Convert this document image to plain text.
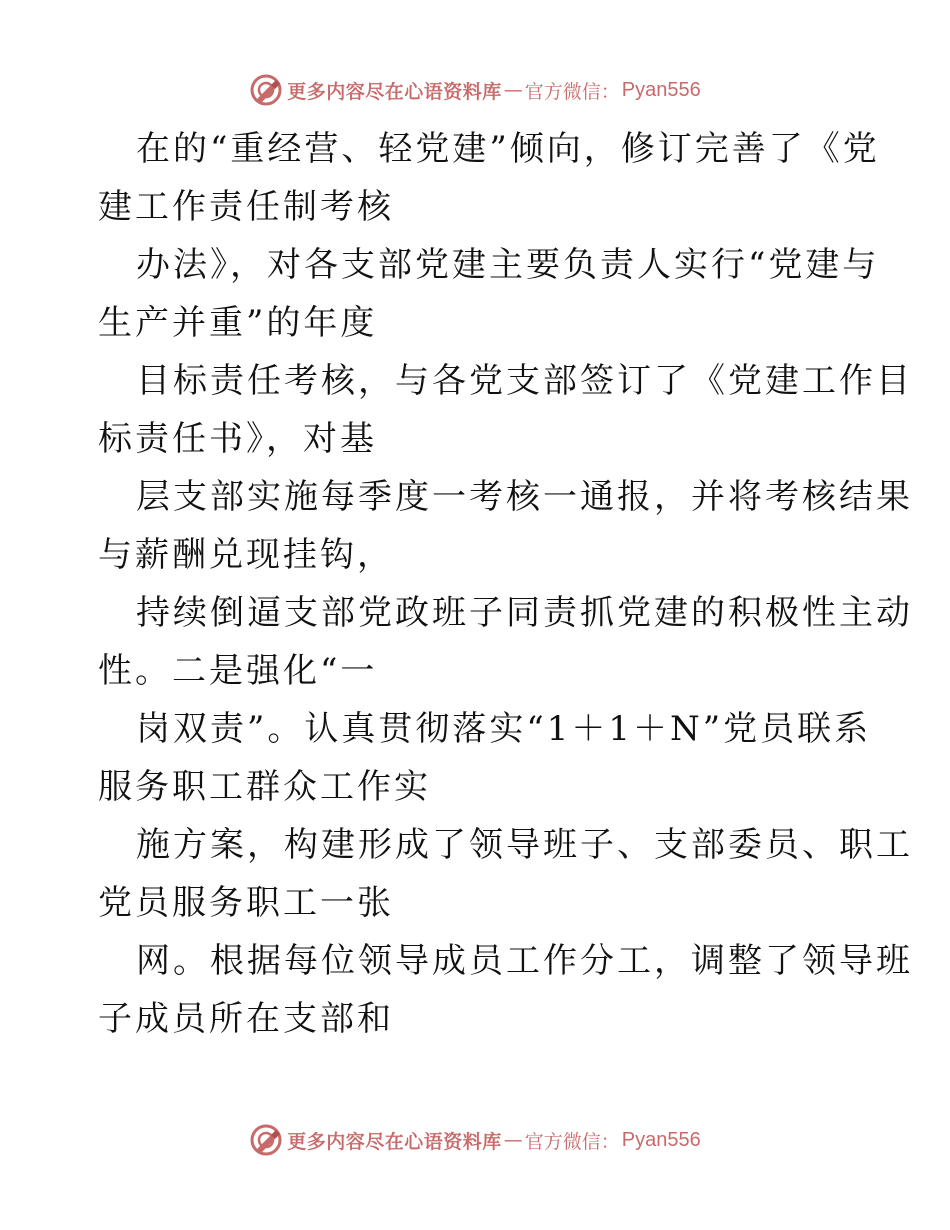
更多内容尽在心语资料库 — 官方微信： Pyan556

在的“重经营、轻党建”倾向，修订完善了《党

建工作责任制考核

办法》，对各支部党建主要负责人实行“党建与

生产并重”的年度

目标责任考核，与各党支部签订了《党建工作目

标责任书》，对基

层支部实施每季度一考核一通报，并将考核结果

与薪酬兑现挂钩，

持续倒逼支部党政班子同责抓党建的积极性主动

性。二是强化“一

岗双责”。认真贯彻落实“1＋1＋N”党员联系

服务职工群众工作实

施方案，构建形成了领导班子、支部委员、职工

党员服务职工一张

网。根据每位领导成员工作分工，调整了领导班

子成员所在支部和

更多内容尽在心语资料库 — 官方微信： Pyan556
